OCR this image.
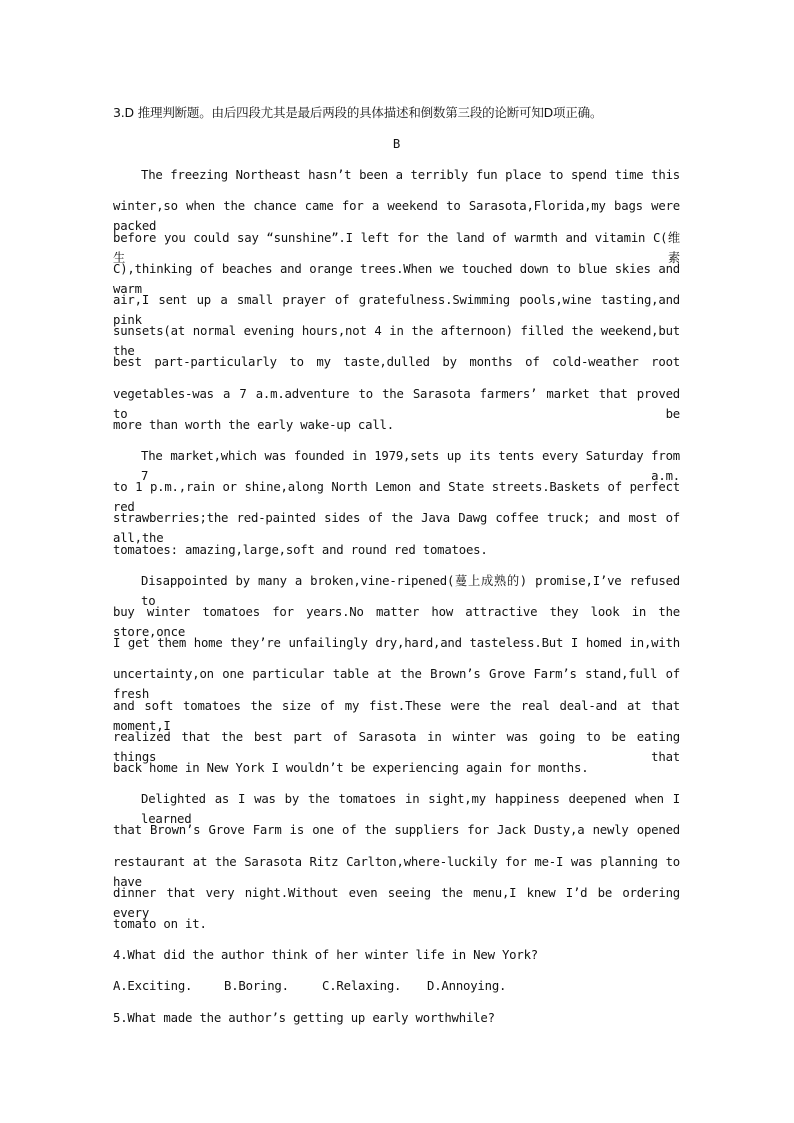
3.D 推理判断题。由后四段尤其是最后两段的具体描述和倒数第三段的论断可知D项正确。
B
The freezing Northeast hasn’t been a terribly fun place to spend time this
winter,so when the chance came for a weekend to Sarasota,Florida,my bags were packed
before you could say “sunshine”.I left for the land of warmth and vitamin C(维生素
C),thinking of beaches and orange trees.When we touched down to blue skies and warm
air,I sent up a small prayer of gratefulness.Swimming pools,wine tasting,and pink
sunsets(at normal evening hours,not 4 in the afternoon) filled the weekend,but the
best part-particularly to my taste,dulled by months of cold-weather root
vegetables-was a 7 a.m.adventure to the Sarasota farmers’ market that proved to be
more than worth the early wake-up call.
The market,which was founded in 1979,sets up its tents every Saturday from 7 a.m.
to 1 p.m.,rain or shine,along North Lemon and State streets.Baskets of perfect red
strawberries;the red-painted sides of the Java Dawg coffee truck; and most of all,the
tomatoes: amazing,large,soft and round red tomatoes.
Disappointed by many a broken,vine-ripened(蔓上成熟的) promise,I’ve refused to
buy winter tomatoes for years.No matter how attractive they look in the store,once
I get them home they’re unfailingly dry,hard,and tasteless.But I homed in,with
uncertainty,on one particular table at the Brown’s Grove Farm’s stand,full of fresh
and soft tomatoes the size of my fist.These were the real deal-and at that moment,I
realized that the best part of Sarasota in winter was going to be eating things that
back home in New York I wouldn’t be experiencing again for months.
Delighted as I was by the tomatoes in sight,my happiness deepened when I learned
that Brown’s Grove Farm is one of the suppliers for Jack Dusty,a newly opened
restaurant at the Sarasota Ritz Carlton,where-luckily for me-I was planning to have
dinner that very night.Without even seeing the menu,I knew I’d be ordering every
tomato on it.
4.What did the author think of her winter life in New York?
A.Exciting.	B.Boring.	C.Relaxing. D.Annoying.
5.What made the author’s getting up early worthwhile?
